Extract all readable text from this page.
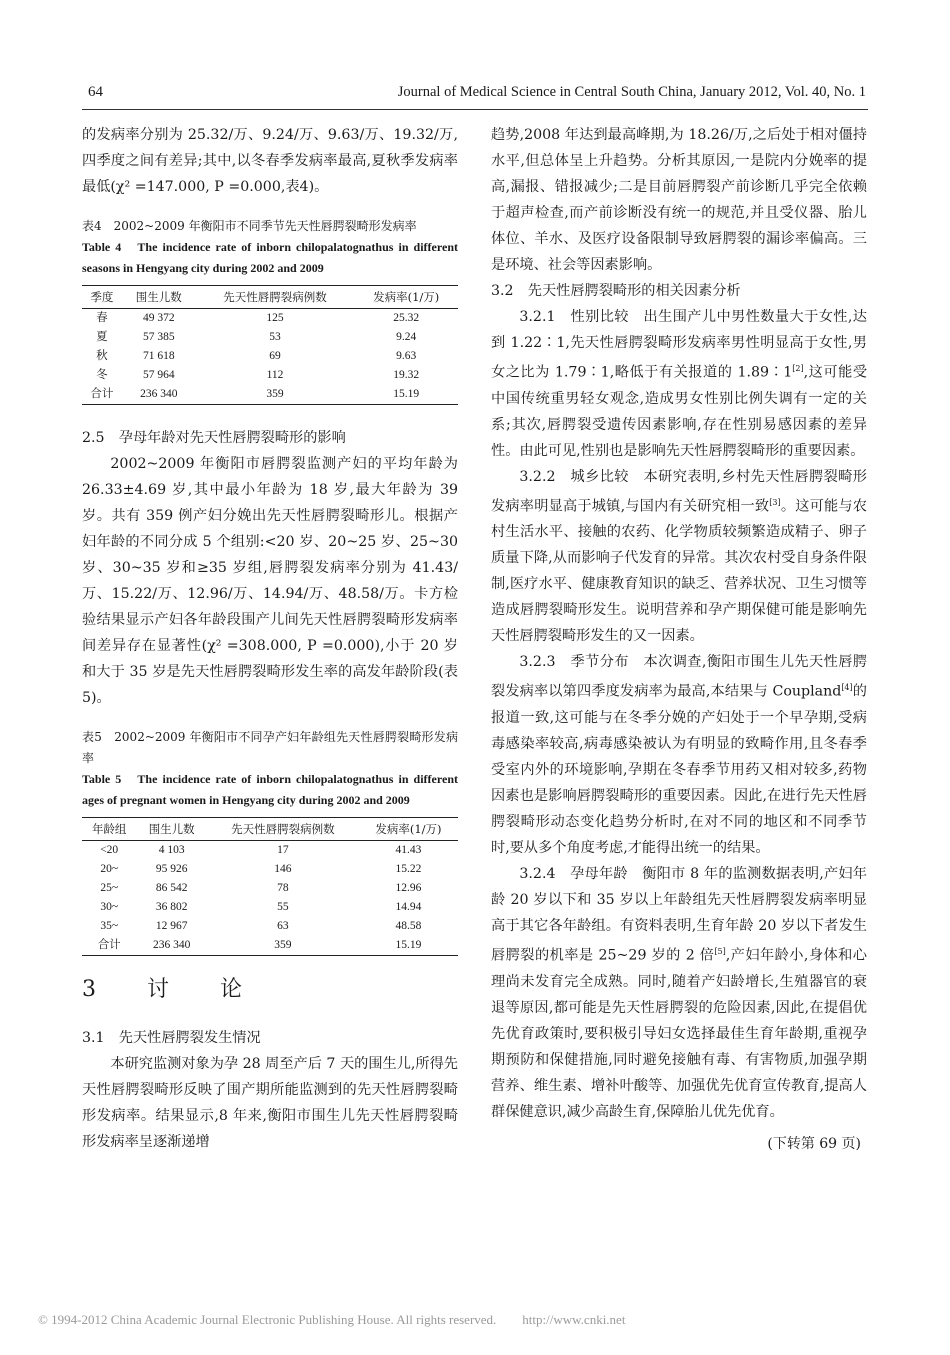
64	Journal of Medical Science in Central South China, January 2012, Vol. 40, No. 1

的发病率分别为 25.32/万、9.24/万、9.63/万、19.32/万,四季度之间有差异;其中,以冬春季发病率最高,夏秋季发病率最低(χ² =147.000, P =0.000,表4)。

表4　2002~2009 年衡阳市不同季节先天性唇腭裂畸形发病率

Table 4　The incidence rate of inborn chilopalatognathus in different seasons in Hengyang city during 2002 and 2009

季度	围生儿数	先天性唇腭裂病例数	发病率(1/万)
春	49 372	125	25.32
夏	57 385	53	9.24
秋	71 618	69	9.63
冬	57 964	112	19.32
合计	236 340	359	15.19

2.5　孕母年龄对先天性唇腭裂畸形的影响

2002~2009 年衡阳市唇腭裂监测产妇的平均年龄为26.33±4.69 岁,其中最小年龄为 18 岁,最大年龄为 39 岁。共有 359 例产妇分娩出先天性唇腭裂畸形儿。根据产妇年龄的不同分成 5 个组别:<20 岁、20~25 岁、25~30 岁、30~35 岁和≥35 岁组,唇腭裂发病率分别为 41.43/万、15.22/万、12.96/万、14.94/万、48.58/万。卡方检验结果显示产妇各年龄段围产儿间先天性唇腭裂畸形发病率间差异存在显著性(χ² =308.000, P =0.000),小于 20 岁和大于 35 岁是先天性唇腭裂畸形发生率的高发年龄阶段(表5)。

表5　2002~2009 年衡阳市不同孕产妇年龄组先天性唇腭裂畸形发病率

Table 5　The incidence rate of inborn chilopalatognathus in different ages of pregnant women in Hengyang city during 2002 and 2009

年龄组	围生儿数	先天性唇腭裂病例数	发病率(1/万)
<20	4 103	17	41.43
20~	95 926	146	15.22
25~	86 542	78	12.96
30~	36 802	55	14.94
35~	12 967	63	48.58
合计	236 340	359	15.19
3 讨 论

3.1　先天性唇腭裂发生情况

本研究监测对象为孕 28 周至产后 7 天的围生儿,所得先天性唇腭裂畸形反映了围产期所能监测到的先天性唇腭裂畸形发病率。结果显示,8 年来,衡阳市围生儿先天性唇腭裂畸形发病率呈逐渐递增

趋势,2008 年达到最高峰期,为 18.26/万,之后处于相对僵持水平,但总体呈上升趋势。分析其原因,一是院内分娩率的提高,漏报、错报减少;二是目前唇腭裂产前诊断几乎完全依赖于超声检查,而产前诊断没有统一的规范,并且受仪器、胎儿体位、羊水、及医疗设备限制导致唇腭裂的漏诊率偏高。三是环境、社会等因素影响。

3.2　先天性唇腭裂畸形的相关因素分析

3.2.1　性别比较　 出生围产儿中男性数量大于女性,达到 1.22∶1,先天性唇腭裂畸形发病率男性明显高于女性,男女之比为 1.79∶1,略低于有关报道的 1.89∶1[2],这可能受中国传统重男轻女观念,造成男女性别比例失调有一定的关系;其次,唇腭裂受遗传因素影响,存在性别易感因素的差异性。由此可见,性别也是影响先天性唇腭裂畸形的重要因素。

3.2.2　城乡比较　 本研究表明,乡村先天性唇腭裂畸形发病率明显高于城镇,与国内有关研究相一致[3]。这可能与农村生活水平、接触的农药、化学物质较频繁造成精子、卵子质量下降,从而影响子代发育的异常。其次农村受自身条件限制,医疗水平、健康教育知识的缺乏、营养状况、卫生习惯等造成唇腭裂畸形发生。说明营养和孕产期保健可能是影响先天性唇腭裂畸形发生的又一因素。

3.2.3　季节分布　 本次调查,衡阳市围生儿先天性唇腭裂发病率以第四季度发病率为最高,本结果与 Coupland[4]的报道一致,这可能与在冬季分娩的产妇处于一个早孕期,受病毒感染率较高,病毒感染被认为有明显的致畸作用,且冬春季受室内外的环境影响,孕期在冬春季节用药又相对较多,药物因素也是影响唇腭裂畸形的重要因素。因此,在进行先天性唇腭裂畸形动态变化趋势分析时,在对不同的地区和不同季节时,要从多个角度考虑,才能得出统一的结果。

3.2.4　孕母年龄　 衡阳市 8 年的监测数据表明,产妇年龄 20 岁以下和 35 岁以上年龄组先天性唇腭裂发病率明显高于其它各年龄组。有资料表明,生育年龄 20 岁以下者发生唇腭裂的机率是 25~29 岁的 2 倍[5],产妇年龄小,身体和心理尚未发育完全成熟。同时,随着产妇龄增长,生殖器官的衰退等原因,都可能是先天性唇腭裂的危险因素,因此,在提倡优先优育政策时,要积极引导妇女选择最佳生育年龄期,重视孕期预防和保健措施,同时避免接触有毒、有害物质,加强孕期营养、维生素、增补叶酸等、加强优先优育宣传教育,提高人群保健意识,减少高龄生育,保障胎儿优先优育。

(下转第 69 页)

© 1994-2012 China Academic Journal Electronic Publishing House. All rights reserved.　　http://www.cnki.net
